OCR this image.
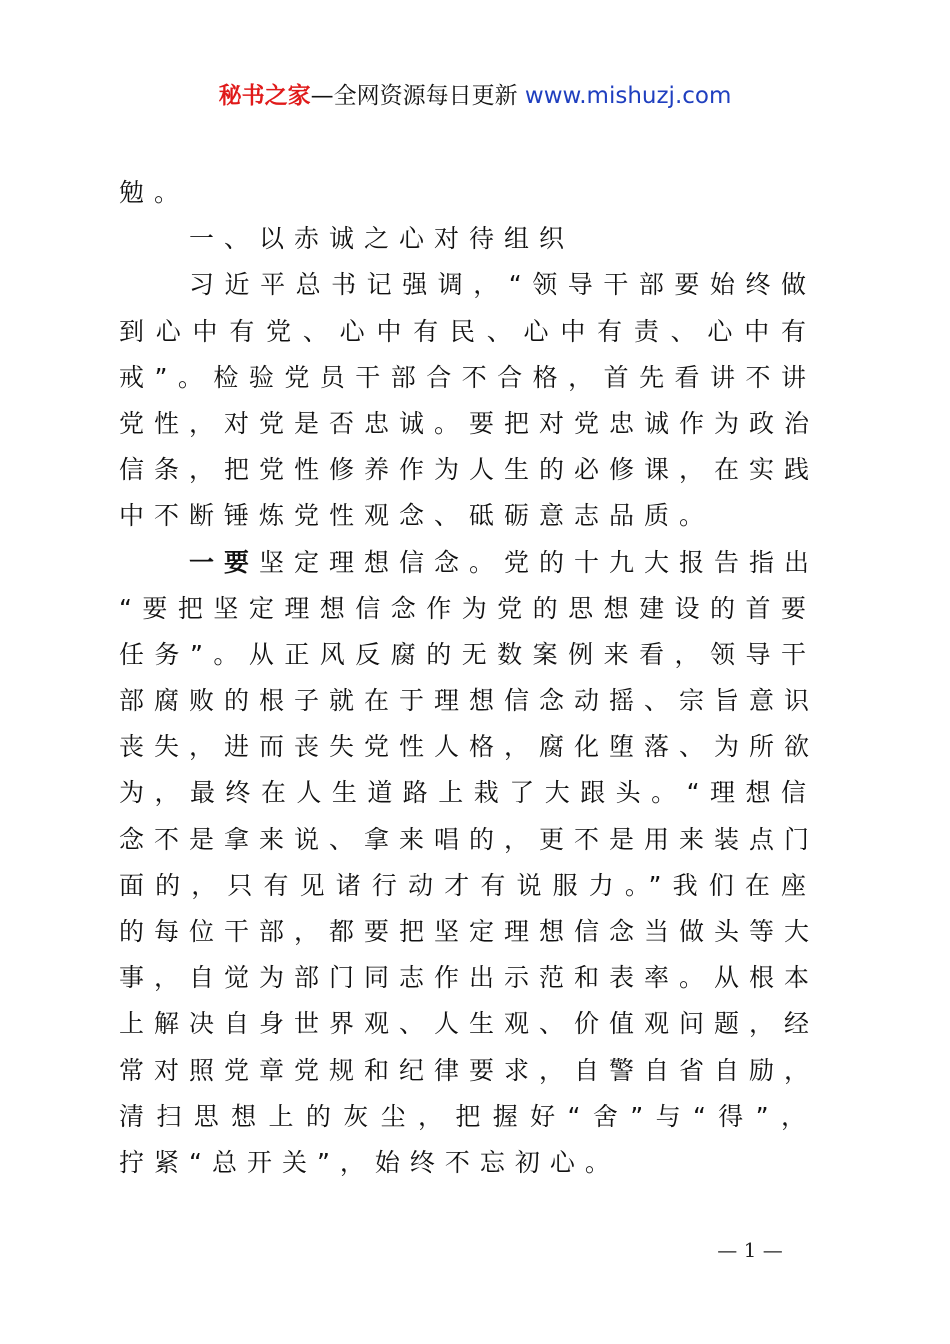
秘书之家—全网资源每日更新 www.mishuzj.com
勉。
一、以赤诚之心对待组织
习近平总书记强调，“领导干部要始终做
到心中有党、心中有民、心中有责、心中有
戒”。检验党员干部合不合格，首先看讲不讲
党性，对党是否忠诚。要把对党忠诚作为政治
信条，把党性修养作为人生的必修课，在实践
中不断锤炼党性观念、砥砺意志品质。
一要坚定理想信念。党的十九大报告指出
“要把坚定理想信念作为党的思想建设的首要
任务”。从正风反腐的无数案例来看，领导干
部腐败的根子就在于理想信念动摇、宗旨意识
丧失，进而丧失党性人格，腐化堕落、为所欲
为，最终在人生道路上栽了大跟头。“理想信
念不是拿来说、拿来唱的，更不是用来装点门
面的，只有见诸行动才有说服力。”我们在座
的每位干部，都要把坚定理想信念当做头等大
事，自觉为部门同志作出示范和表率。从根本
上解决自身世界观、人生观、价值观问题，经
常对照党章党规和纪律要求，自警自省自励，
清扫思想上的灰尘，把握好“舍”与“得”，
拧紧“总开关”，始终不忘初心。
— 1 —
